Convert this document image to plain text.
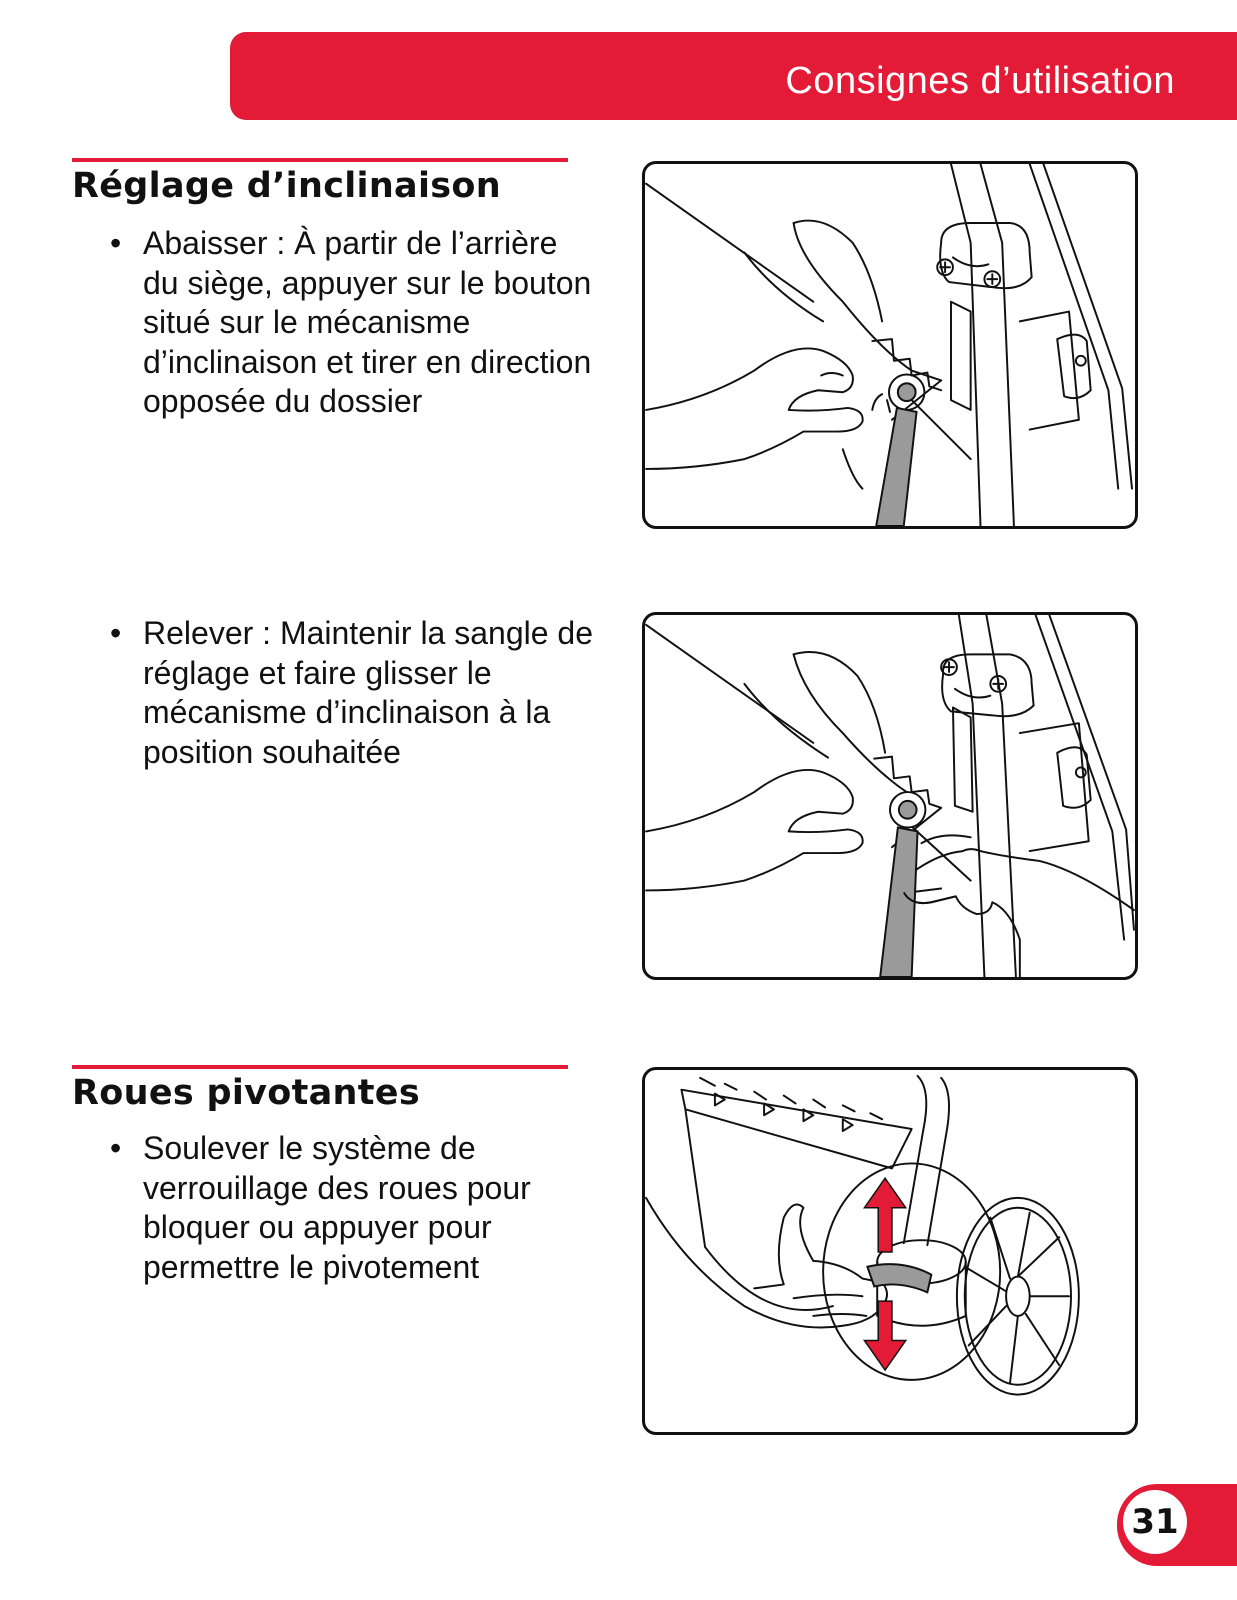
Consignes d’utilisation
Réglage d’inclinaison
• Abaisser : À partir de l’arrière du siège, appuyer sur le bouton situé sur le mécanisme d’inclinaison et tirer en direction opposée du dossier
• Relever : Maintenir la sangle de réglage et faire glisser le mécanisme d’inclinaison à la position souhaitée
Roues pivotantes
• Soulever le système de verrouillage des roues pour bloquer ou appuyer pour permettre le pivotement
31
